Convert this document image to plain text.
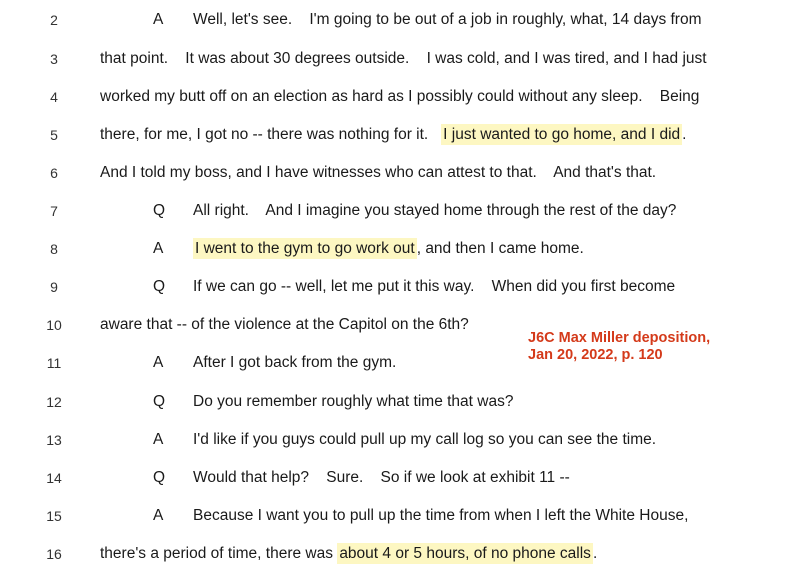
2	A Well, let's see.    I'm going to be out of a job in roughly, what, 14 days from
3	that point.    It was about 30 degrees outside.    I was cold, and I was tired, and I had just
4	worked my butt off on an election as hard as I possibly could without any sleep.    Being
5	there, for me, I got no -- there was nothing for it.   I just wanted to go home, and I did .
6	And I told my boss, and I have witnesses who can attest to that.    And that's that.
7	Q All right.    And I imagine you stayed home through the rest of the day?
8	A I went to the gym to go work out , and then I came home.
9	Q If we can go -- well, let me put it this way.    When did you first become
10	aware that -- of the violence at the Capitol on the 6th?
11	A After I got back from the gym.
12	Q Do you remember roughly what time that was?
13	A I'd like if you guys could pull up my call log so you can see the time.
14	Q Would that help?    Sure.    So if we look at exhibit 11 --
15	A Because I want you to pull up the time from when I left the White House,
16	there's a period of time, there was about 4 or 5 hours, of no phone calls .
J6C Max Miller deposition,
Jan 20, 2022, p. 120
